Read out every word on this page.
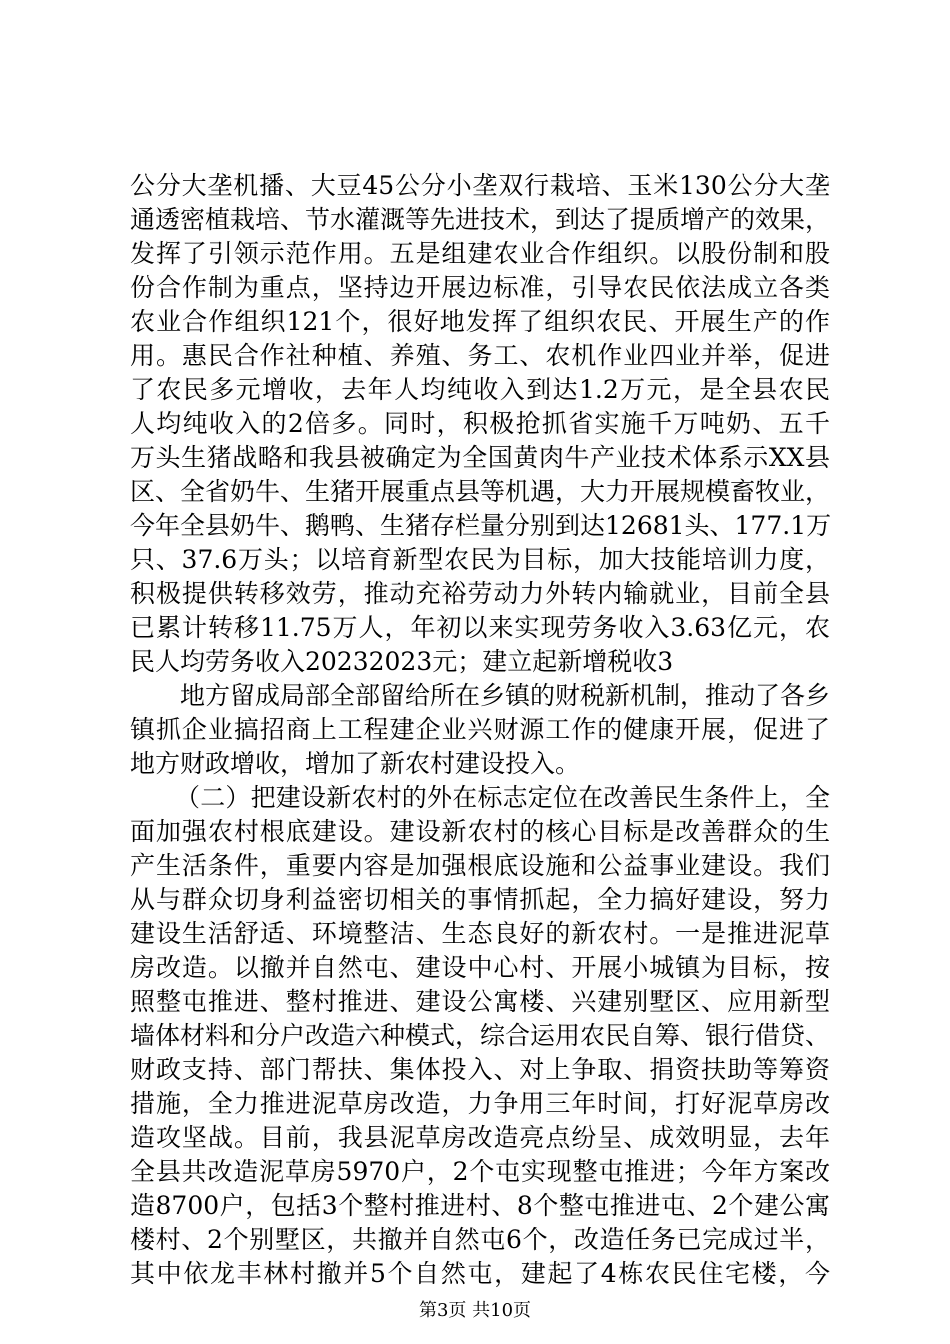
公分大垄机播、大豆45公分小垄双行栽培、玉米130公分大垄
通透密植栽培、节水灌溉等先进技术，到达了提质增产的效果，
发挥了引领示范作用。五是组建农业合作组织。以股份制和股
份合作制为重点，坚持边开展边标准，引导农民依法成立各类
农业合作组织121个，很好地发挥了组织农民、开展生产的作
用。惠民合作社种植、养殖、务工、农机作业四业并举，促进
了农民多元增收，去年人均纯收入到达1.2万元，是全县农民
人均纯收入的2倍多。同时，积极抢抓省实施千万吨奶、五千
万头生猪战略和我县被确定为全国黄肉牛产业技术体系示XX县
区、全省奶牛、生猪开展重点县等机遇，大力开展规模畜牧业，
今年全县奶牛、鹅鸭、生猪存栏量分别到达12681头、177.1万
只、37.6万头；以培育新型农民为目标，加大技能培训力度，
积极提供转移效劳，推动充裕劳动力外转内输就业，目前全县
已累计转移11.75万人，年初以来实现劳务收入3.63亿元，农
民人均劳务收入20232023元；建立起新增税收3
地方留成局部全部留给所在乡镇的财税新机制，推动了各乡
镇抓企业搞招商上工程建企业兴财源工作的健康开展，促进了
地方财政增收，增加了新农村建设投入。
（二）把建设新农村的外在标志定位在改善民生条件上，全
面加强农村根底建设。建设新农村的核心目标是改善群众的生
产生活条件，重要内容是加强根底设施和公益事业建设。我们
从与群众切身利益密切相关的事情抓起，全力搞好建设，努力
建设生活舒适、环境整洁、生态良好的新农村。一是推进泥草
房改造。以撤并自然屯、建设中心村、开展小城镇为目标，按
照整屯推进、整村推进、建设公寓楼、兴建别墅区、应用新型
墙体材料和分户改造六种模式，综合运用农民自筹、银行借贷、
财政支持、部门帮扶、集体投入、对上争取、捐资扶助等筹资
措施，全力推进泥草房改造，力争用三年时间，打好泥草房改
造攻坚战。目前，我县泥草房改造亮点纷呈、成效明显，去年
全县共改造泥草房5970户，2个屯实现整屯推进；今年方案改
造8700户，包括3个整村推进村、8个整屯推进屯、2个建公寓
楼村、2个别墅区，共撤并自然屯6个，改造任务已完成过半，
其中依龙丰林村撤并5个自然屯，建起了4栋农民住宅楼，今
第3页 共10页
